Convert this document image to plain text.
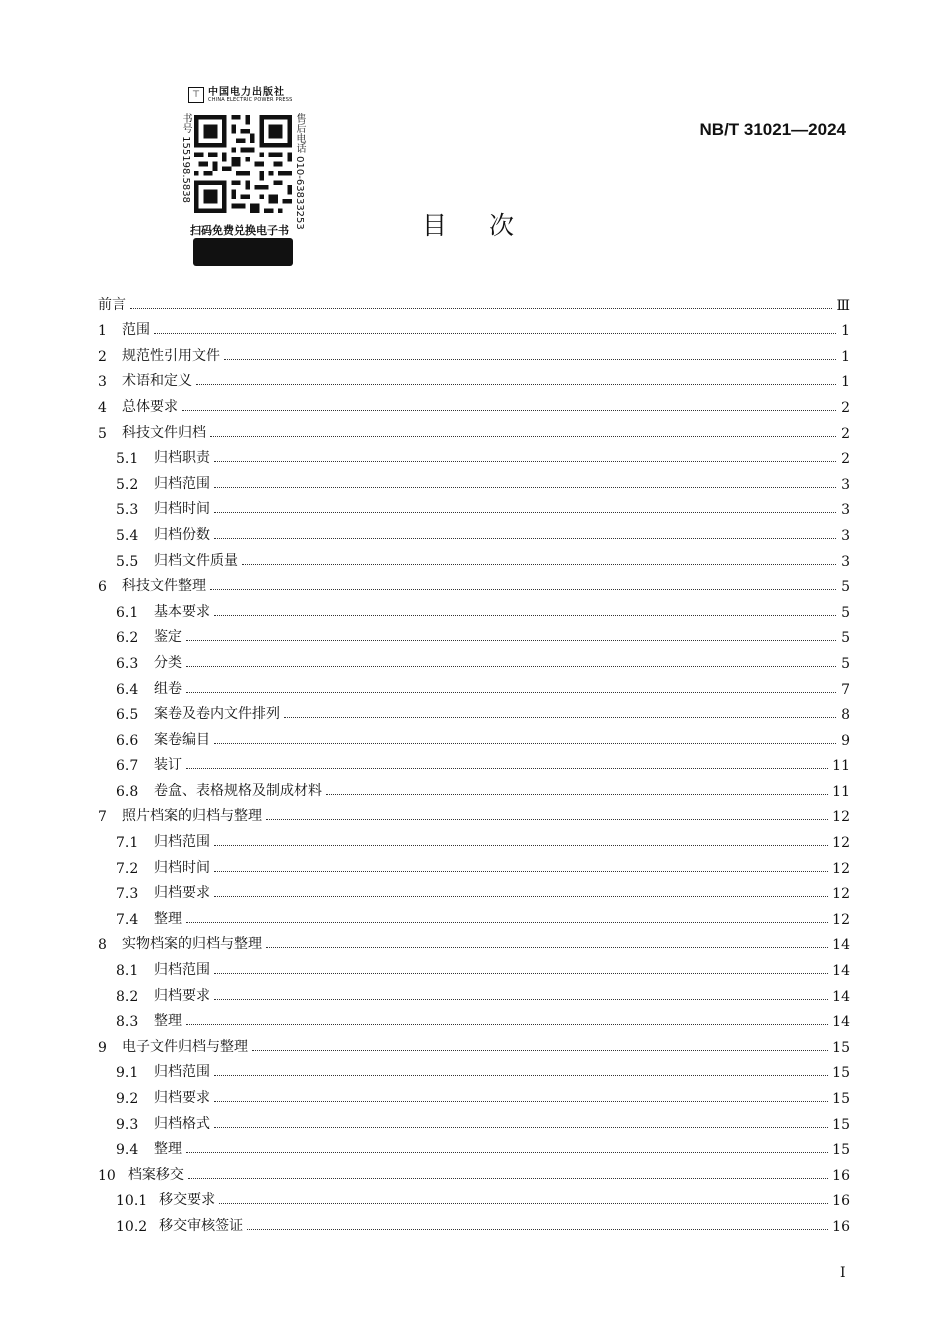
⊤ 中国电力出版社
CHINA ELECTRIC POWER PRESS
书号 155198.5838	售后电话 010-63833253
扫码免费兑换电子书
NB/T 31021—2024
目次
前言	Ⅲ
1	范围	1
2	规范性引用文件	1
3	术语和定义	1
4	总体要求	2
5	科技文件归档	2
5.1	归档职责	2
5.2	归档范围	3
5.3	归档时间	3
5.4	归档份数	3
5.5	归档文件质量	3
6	科技文件整理	5
6.1	基本要求	5
6.2	鉴定	5
6.3	分类	5
6.4	组卷	7
6.5	案卷及卷内文件排列	8
6.6	案卷编目	9
6.7	装订	11
6.8	卷盒、表格规格及制成材料	11
7	照片档案的归档与整理	12
7.1	归档范围	12
7.2	归档时间	12
7.3	归档要求	12
7.4	整理	12
8	实物档案的归档与整理	14
8.1	归档范围	14
8.2	归档要求	14
8.3	整理	14
9	电子文件归档与整理	15
9.1	归档范围	15
9.2	归档要求	15
9.3	归档格式	15
9.4	整理	15
10 档案移交	16
10.1 移交要求	16
10.2 移交审核签证	16
I
